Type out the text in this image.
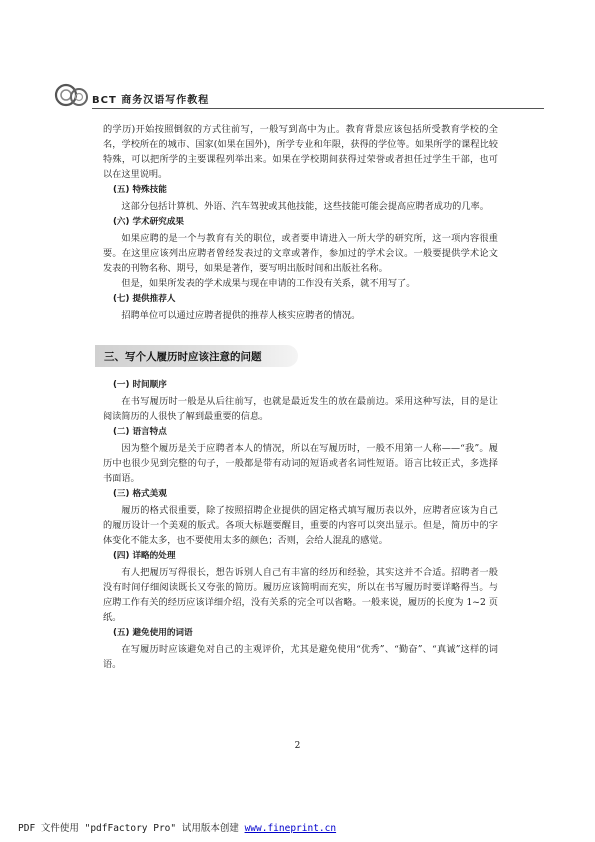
BCT 商务汉语写作教程

的学历)开始按照倒叙的方式往前写，一般写到高中为止。教育背景应该包括所受教育学校的全名，学校所在的城市、国家(如果在国外)，所学专业和年限，获得的学位等。如果所学的课程比较特殊，可以把所学的主要课程列举出来。如果在学校期间获得过荣誉或者担任过学生干部，也可以在这里说明。

(五) 特殊技能

这部分包括计算机、外语、汽车驾驶或其他技能，这些技能可能会提高应聘者成功的几率。

(六) 学术研究成果

如果应聘的是一个与教育有关的职位，或者要申请进入一所大学的研究所，这一项内容很重要。在这里应该列出应聘者曾经发表过的文章或著作，参加过的学术会议。一般要提供学术论文发表的刊物名称、期号，如果是著作，要写明出版时间和出版社名称。

但是，如果所发表的学术成果与现在申请的工作没有关系，就不用写了。

(七) 提供推荐人

招聘单位可以通过应聘者提供的推荐人核实应聘者的情况。

三、写个人履历时应该注意的问题
(一) 时间顺序

在书写履历时一般是从后往前写，也就是最近发生的放在最前边。采用这种写法，目的是让阅读简历的人很快了解到最重要的信息。

(二) 语言特点

因为整个履历是关于应聘者本人的情况，所以在写履历时，一般不用第一人称——“我”。履历中也很少见到完整的句子，一般都是带有动词的短语或者名词性短语。语言比较正式，多选择书面语。

(三) 格式美观

履历的格式很重要，除了按照招聘企业提供的固定格式填写履历表以外，应聘者应该为自己的履历设计一个美观的版式。各项大标题要醒目，重要的内容可以突出显示。但是，简历中的字体变化不能太多，也不要使用太多的颜色；否则，会给人混乱的感觉。

(四) 详略的处理

有人把履历写得很长，想告诉别人自己有丰富的经历和经验，其实这并不合适。招聘者一般没有时间仔细阅读既长又夸张的简历。履历应该简明而充实，所以在书写履历时要详略得当。与应聘工作有关的经历应该详细介绍，没有关系的完全可以省略。一般来说，履历的长度为 1~2 页纸。

(五) 避免使用的词语

在写履历时应该避免对自己的主观评价，尤其是避免使用“优秀”、“勤奋”、“真诚”这样的词语。

2
PDF 文件使用 "pdfFactory Pro" 试用版本创建 www.fineprint.cn
